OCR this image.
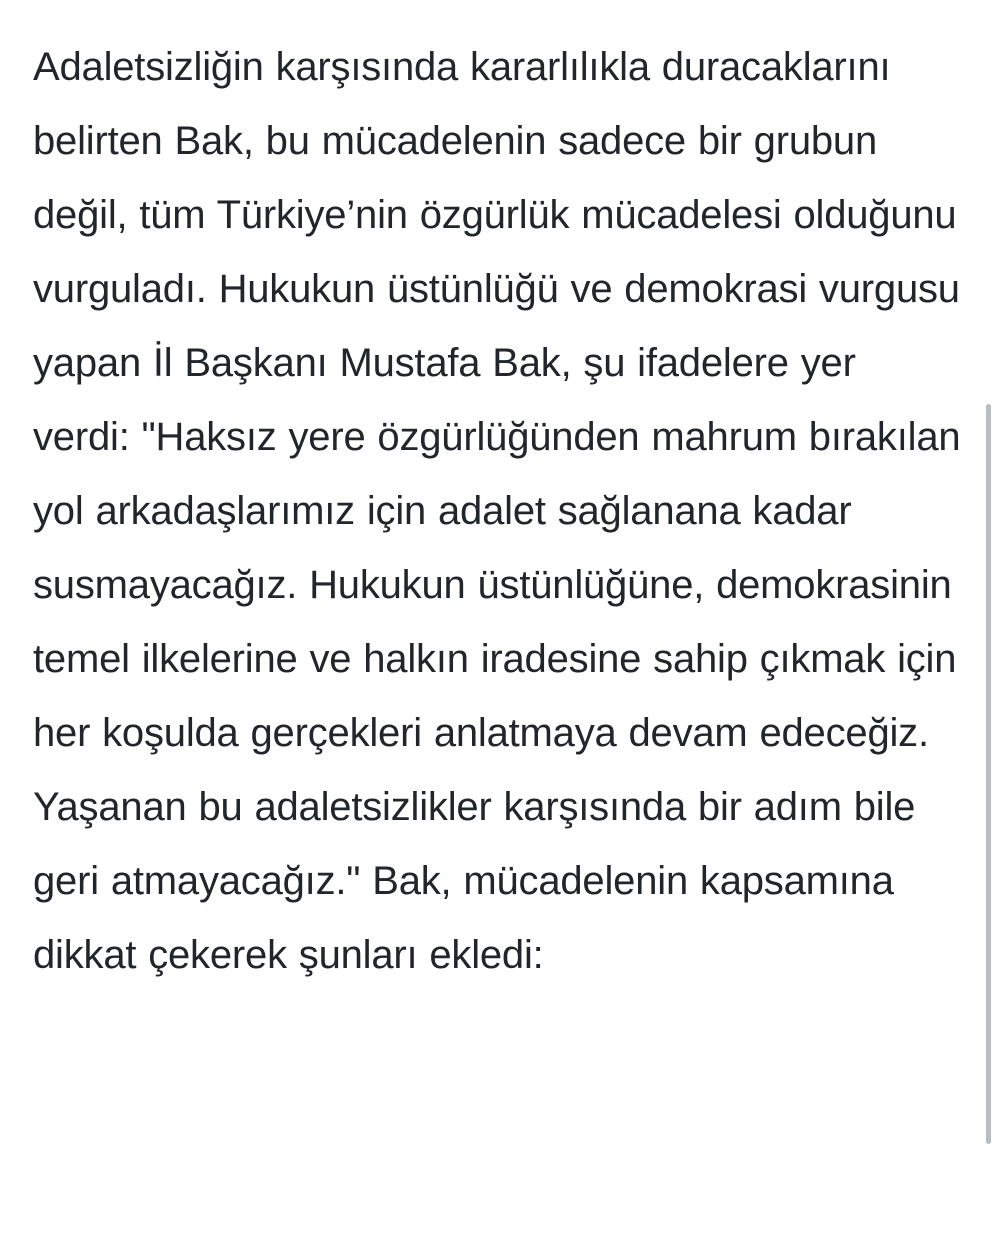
Adaletsizliğin karşısında kararlılıkla duracaklarını belirten Bak, bu mücadelenin sadece bir grubun değil, tüm Türkiye’nin özgürlük mücadelesi olduğunu vurguladı. Hukukun üstünlüğü ve demokrasi vurgusu yapan İl Başkanı Mustafa Bak, şu ifadelere yer verdi: "Haksız yere özgürlüğünden mahrum bırakılan yol arkadaşlarımız için adalet sağlanana kadar susmayacağız. Hukukun üstünlüğüne, demokrasinin temel ilkelerine ve halkın iradesine sahip çıkmak için her koşulda gerçekleri anlatmaya devam edeceğiz. Yaşanan bu adaletsizlikler karşısında bir adım bile geri atmayacağız." Bak, mücadelenin kapsamına dikkat çekerek şunları ekledi:
